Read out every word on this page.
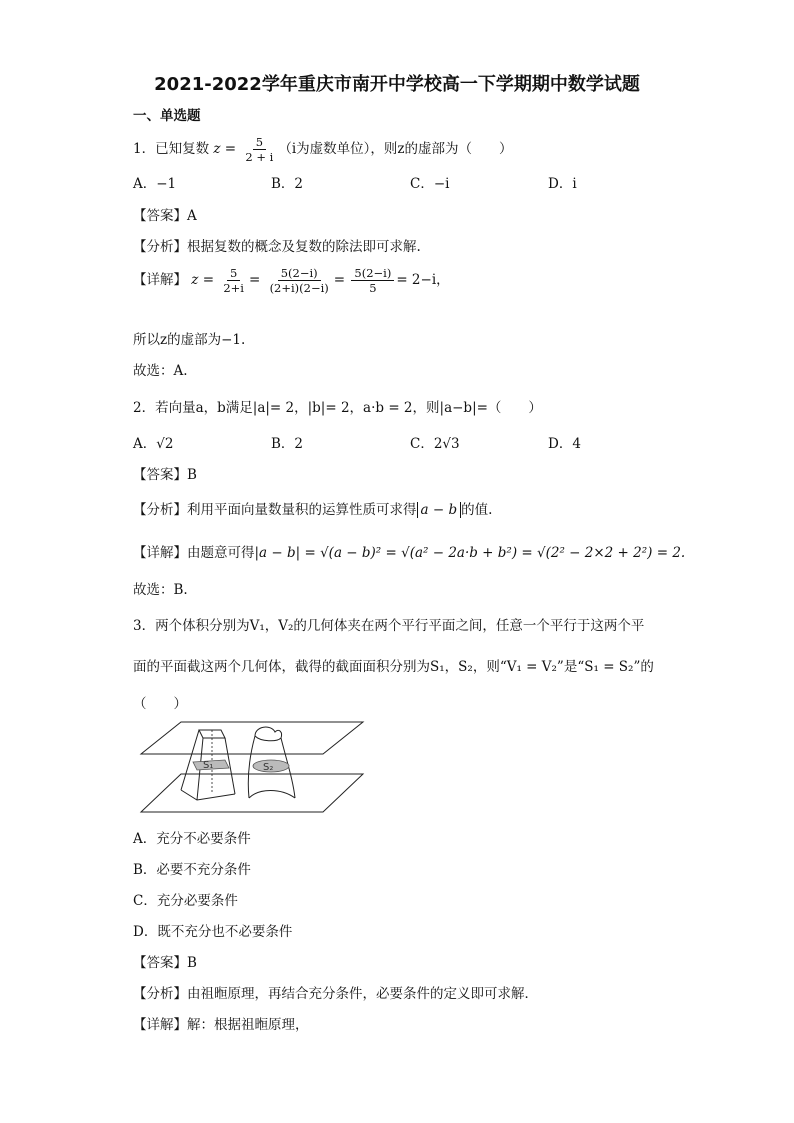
2021-2022学年重庆市南开中学校高一下学期期中数学试题
一、单选题
1．已知复数 $z = \frac{5}{2 + i} (i$为虚数单位），则z的虚部为（　　）
A．−1	B．2	C．−i	D．i
【答案】A
【分析】根据复数的概念及复数的除法即可求解.
【详解】 $z = \frac{5}{2+i} = \frac{5(2-i)}{(2+i)(2-i)} = \frac{5(2-i)}{5} = 2-i$，
所以z的虚部为−1.
故选：A.
2．若向量a，b满足|a|= 2，|b|= 2，a·b = 2，则|a−b|=（　　）
A．√2	B．2	C．2√3	D．4
【答案】B
【分析】利用平面向量数量积的运算性质可求得 a − b 的值.
【详解】由题意可得|a − b| = √(a − b)² = √(a² − 2a·b + b²) = √(2² − 2×2 + 2²) = 2.
故选：B.
3．两个体积分别为V₁，V₂的几何体夹在两个平行平面之间，任意一个平行于这两个平
面的平面截这两个几何体，截得的截面面积分别为S₁，S₂，则“V₁ = V₂”是“S₁ = S₂”的
（　　）
S₁	S₂
A．充分不必要条件
B．必要不充分条件
C．充分必要条件
D．既不充分也不必要条件
【答案】B
【分析】由祖暅原理，再结合充分条件，必要条件的定义即可求解．
【详解】解：根据祖暅原理，
